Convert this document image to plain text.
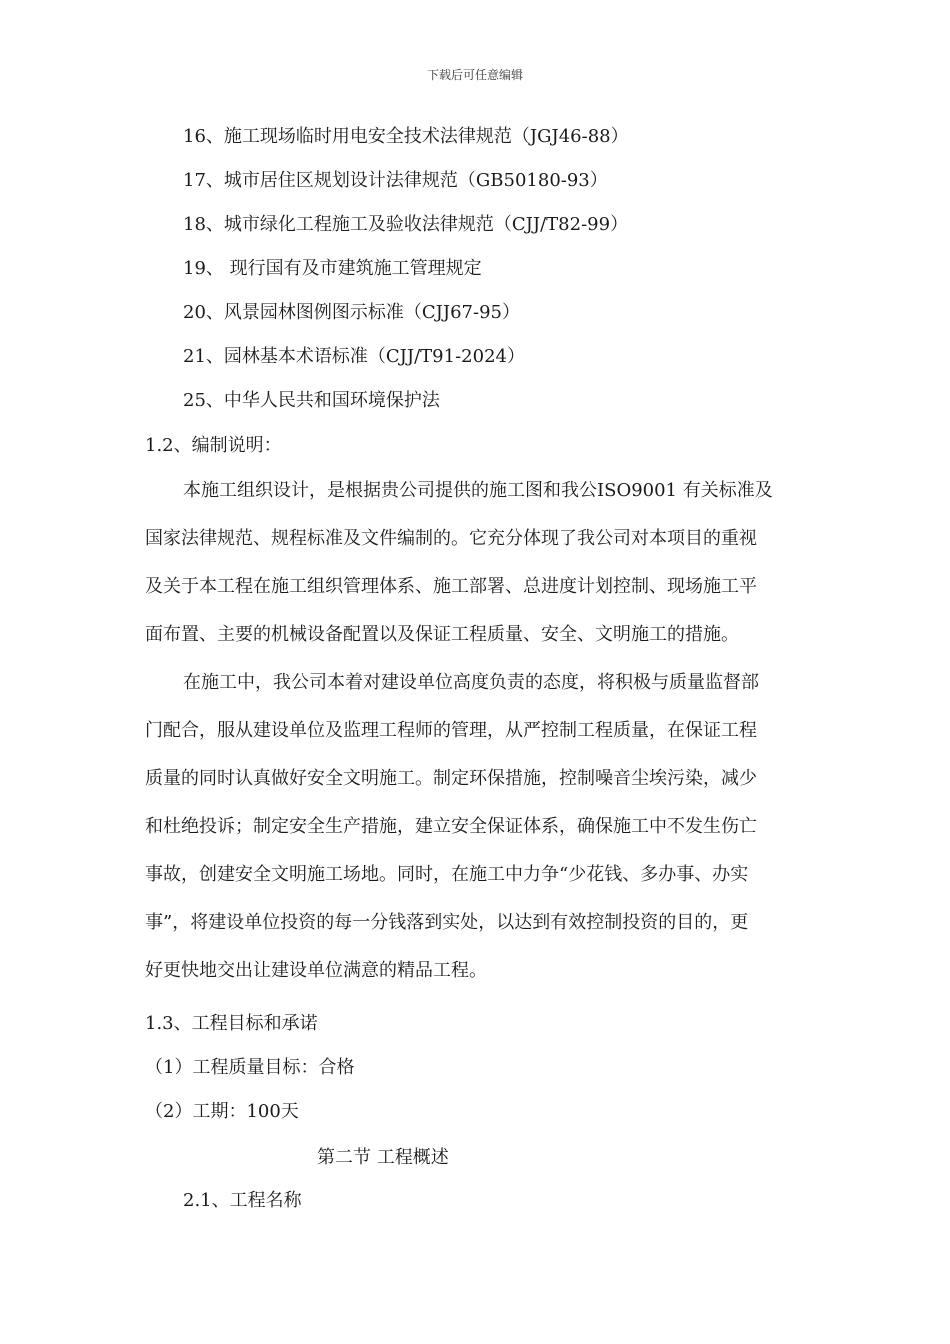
下载后可任意编辑
16、施工现场临时用电安全技术法律规范（JGJ46-88）
17、城市居住区规划设计法律规范（GB50180-93）
18、城市绿化工程施工及验收法律规范（CJJ/T82-99）
19、 现行国有及市建筑施工管理规定
20、风景园林图例图示标准（CJJ67-95）
21、园林基本术语标准（CJJ/T91-2024）
25、中华人民共和国环境保护法
1.2、编制说明：
本施工组织设计，是根据贵公司提供的施工图和我公ISO9001 有关标准及
国家法律规范、规程标准及文件编制的。它充分体现了我公司对本项目的重视
及关于本工程在施工组织管理体系、施工部署、总进度计划控制、现场施工平
面布置、主要的机械设备配置以及保证工程质量、安全、文明施工的措施。
在施工中，我公司本着对建设单位高度负责的态度，将积极与质量监督部
门配合，服从建设单位及监理工程师的管理，从严控制工程质量，在保证工程
质量的同时认真做好安全文明施工。制定环保措施，控制噪音尘埃污染，减少
和杜绝投诉；制定安全生产措施，建立安全保证体系，确保施工中不发生伤亡
事故，创建安全文明施工场地。同时，在施工中力争“少花钱、多办事、办实
事”，将建设单位投资的每一分钱落到实处，以达到有效控制投资的目的，更
好更快地交出让建设单位满意的精品工程。
1.3、工程目标和承诺
（1）工程质量目标：合格
（2）工期：100天
第二节 工程概述
2.1、工程名称
